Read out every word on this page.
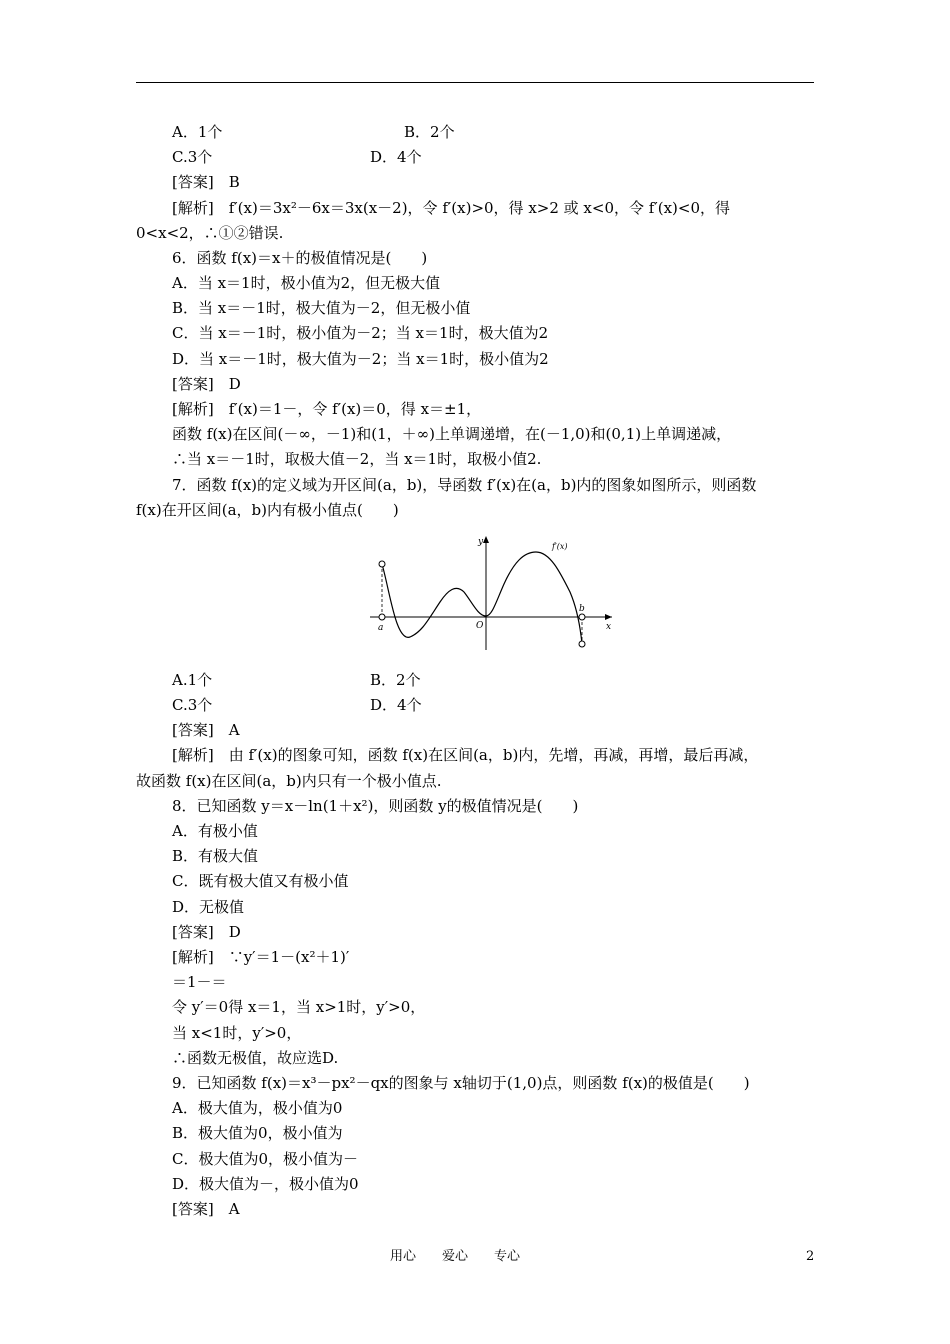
A．1个	B．2个
C.3个	D．4个
[答案]　B
[解析]　f′(x)＝3x²－6x＝3x(x－2)，令 f′(x)>0，得 x>2 或 x<0，令 f′(x)<0，得
0<x<2，∴①②错误.
6．函数 f(x)＝x＋的极值情况是(　　)
A．当 x＝1时，极小值为2，但无极大值
B．当 x＝－1时，极大值为－2，但无极小值
C．当 x＝－1时，极小值为－2；当 x＝1时，极大值为2
D．当 x＝－1时，极大值为－2；当 x＝1时，极小值为2
[答案]　D
[解析]　f′(x)＝1－，令 f′(x)＝0，得 x＝±1，
函数 f(x)在区间(－∞，－1)和(1，＋∞)上单调递增，在(－1,0)和(0,1)上单调递减，
∴当 x＝－1时，取极大值－2，当 x＝1时，取极小值2.
7．函数 f(x)的定义域为开区间(a，b)，导函数 f′(x)在(a，b)内的图象如图所示，则函数
f(x)在开区间(a，b)内有极小值点(　　)
y
x
O
a
b
f′(x)
A.1个	B．2个
C.3个	D．4个
[答案]　A
[解析]　由 f′(x)的图象可知，函数 f(x)在区间(a，b)内，先增，再减，再增，最后再减，
故函数 f(x)在区间(a，b)内只有一个极小值点.
8．已知函数 y＝x－ln(1＋x²)，则函数 y的极值情况是(　　)
A．有极小值
B．有极大值
C．既有极大值又有极小值
D．无极值
[答案]　D
[解析]　∵y′＝1－(x²＋1)′
＝1－＝
令 y′＝0得 x＝1，当 x>1时，y′>0，
当 x<1时，y′>0，
∴函数无极值，故应选D.
9．已知函数 f(x)＝x³－px²－qx的图象与 x轴切于(1,0)点，则函数 f(x)的极值是(　　)
A．极大值为，极小值为0
B．极大值为0，极小值为
C．极大值为0，极小值为－
D．极大值为－，极小值为0
[答案]　A
用心　　爱心　　专心	2
